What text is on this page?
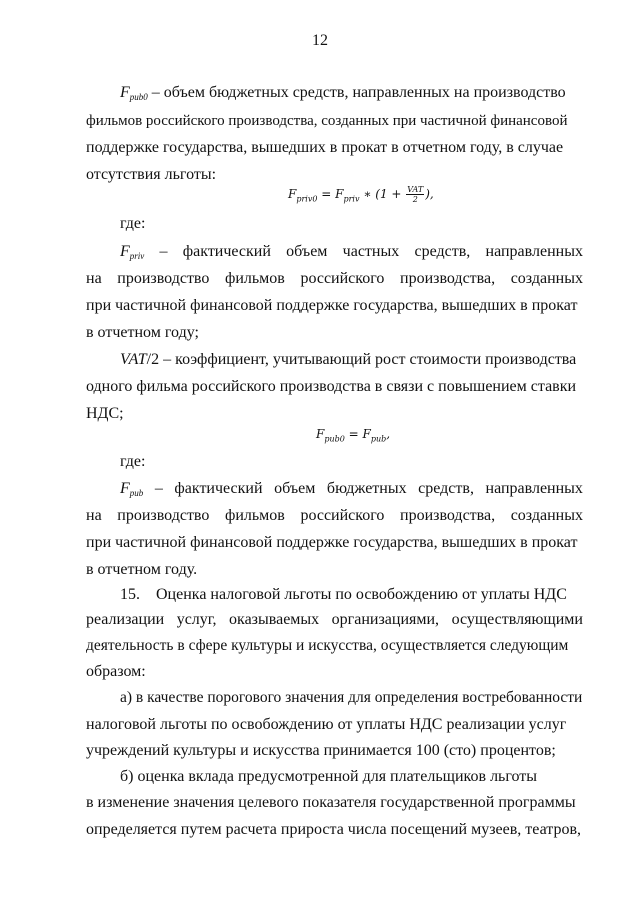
12
$F_{pub0}$ – объем бюджетных средств, направленных на производство
фильмов российского производства, созданных при частичной финансовой
поддержке государства, вышедших в прокат в отчетном году, в случае
отсутствия льготы:
$F_{priv0} = F_{priv}$ ∗ ($1 + \frac{\text{VAT}}{2}$ ),
где:
$F_{priv}$ – фактический объем частных средств, направленных
на производство фильмов российского производства, созданных
при частичной финансовой поддержке государства, вышедших в прокат
в отчетном году;
VAT/2 – коэффициент, учитывающий рост стоимости производства
одного фильма российского производства в связи с повышением ставки
НДС;
$F_{pub0} = F_{pub}$,
где:
$F_{pub}$ – фактический объем бюджетных средств, направленных
на производство фильмов российского производства, созданных
при частичной финансовой поддержке государства, вышедших в прокат
в отчетном году.
15.    Оценка налоговой льготы по освобождению от уплаты НДС
реализации услуг, оказываемых организациями, осуществляющими
деятельность в сфере культуры и искусства, осуществляется следующим
образом:
а) в качестве порогового значения для определения востребованности
налоговой льготы по освобождению от уплаты НДС реализации услуг
учреждений культуры и искусства принимается 100 (сто) процентов;
б) оценка вклада предусмотренной для плательщиков льготы
в изменение значения целевого показателя государственной программы
определяется путем расчета прироста числа посещений музеев, театров,
